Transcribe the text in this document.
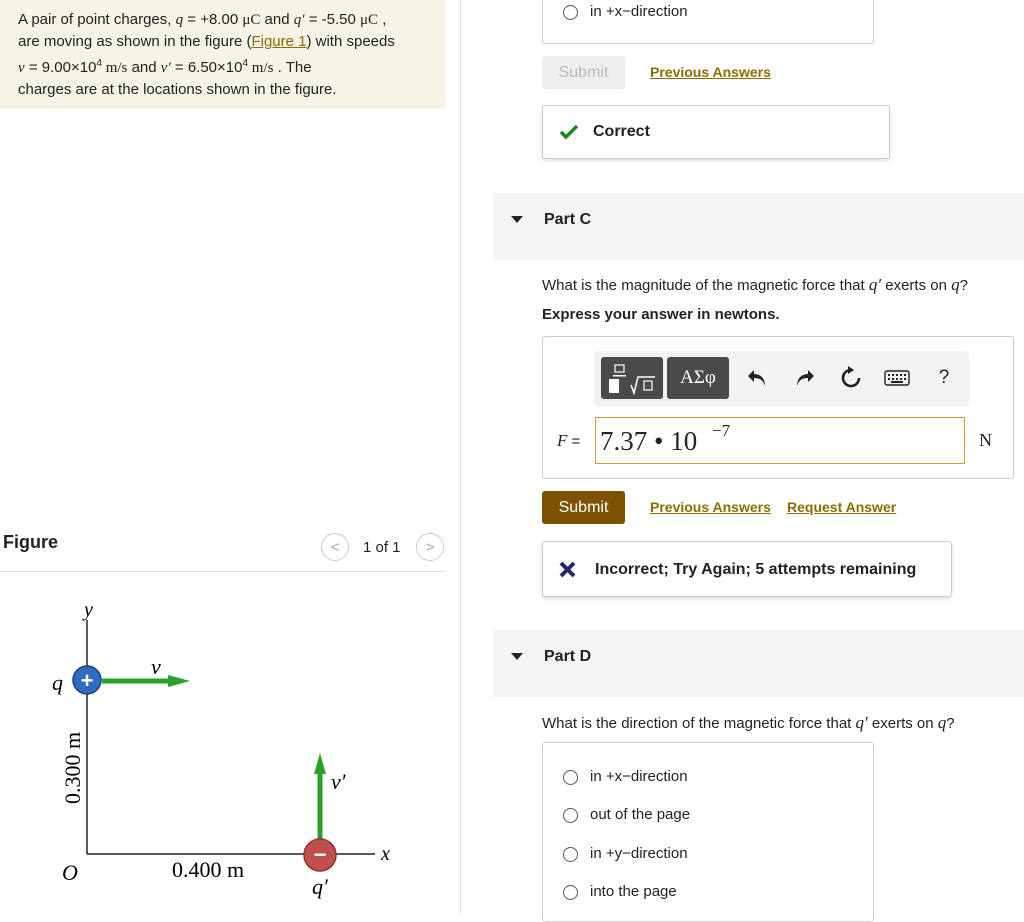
A pair of point charges, q = +8.00 μC and q′ = -5.50 μC ,
are moving as shown in the figure (Figure 1) with speeds
$v = 9.00\times 10^4$ m/s and $v' = 6.50\times 10^4$ m/s . The
charges are at the locations shown in the figure.
Figure	< 1 of 1 >
y
x
O
0.300 m
0.400 m
v
+
q
v′
−
q′
in +x−direction
Submit	Previous Answers
Correct
Part C
What is the magnitude of the magnetic force that q′ exerts on q?
Express your answer in newtons.
ΑΣφ	?
F = 7.37 • 10 −7	N
Submit	Previous Answers Request Answer
Incorrect; Try Again; 5 attempts remaining
Part D
What is the direction of the magnetic force that q′ exerts on q?
in +x−direction
out of the page
in +y−direction
into the page
